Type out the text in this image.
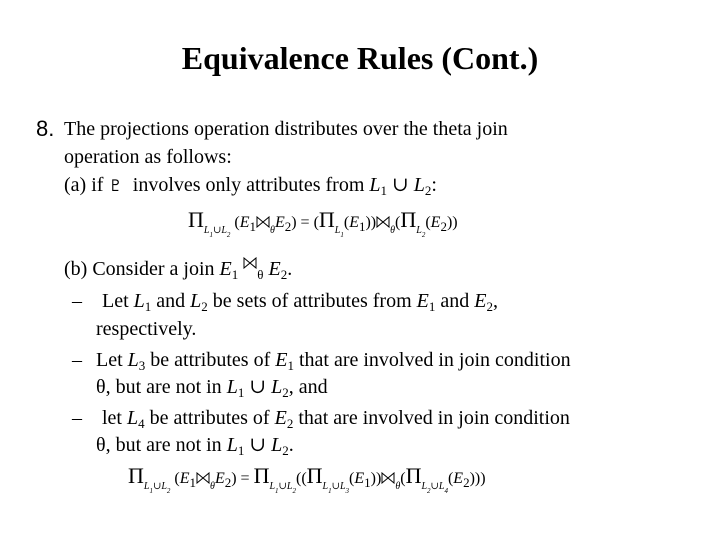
Equivalence Rules (Cont.)
8. The projections operation distributes over the theta join
operation as follows:
(a) if ♇ involves only attributes from $L_1$ ∪ $L_2$:
$\Pi_{L_1\cup L_2}$ ($E_1$ $_\theta E_2) = (\Pi_{L_1}(E_1))$ $_\theta(\Pi_{L_2}(E_2))$
(b) Consider a join $E_1$ $_\theta$ $E_2$.
– Let $L_1$ and $L_2$ be sets of attributes from $E_1$ and $E_2$,
respectively.
– Let $L_3$ be attributes of $E_1$ that are involved in join condition
θ, but are not in $L_1$ ∪ $L_2$, and
– let $L_4$ be attributes of $E_2$ that are involved in join condition
θ, but are not in $L_1$ ∪ $L_2$.
$\Pi_{L_1\cup L_2}$ ($E_1$ $_\theta E_2) = \Pi_{L_1\cup L_2}((\Pi_{L_1\cup L_3}(E_1))$ $_\theta(\Pi_{L_2\cup L_4}(E_2))$)
